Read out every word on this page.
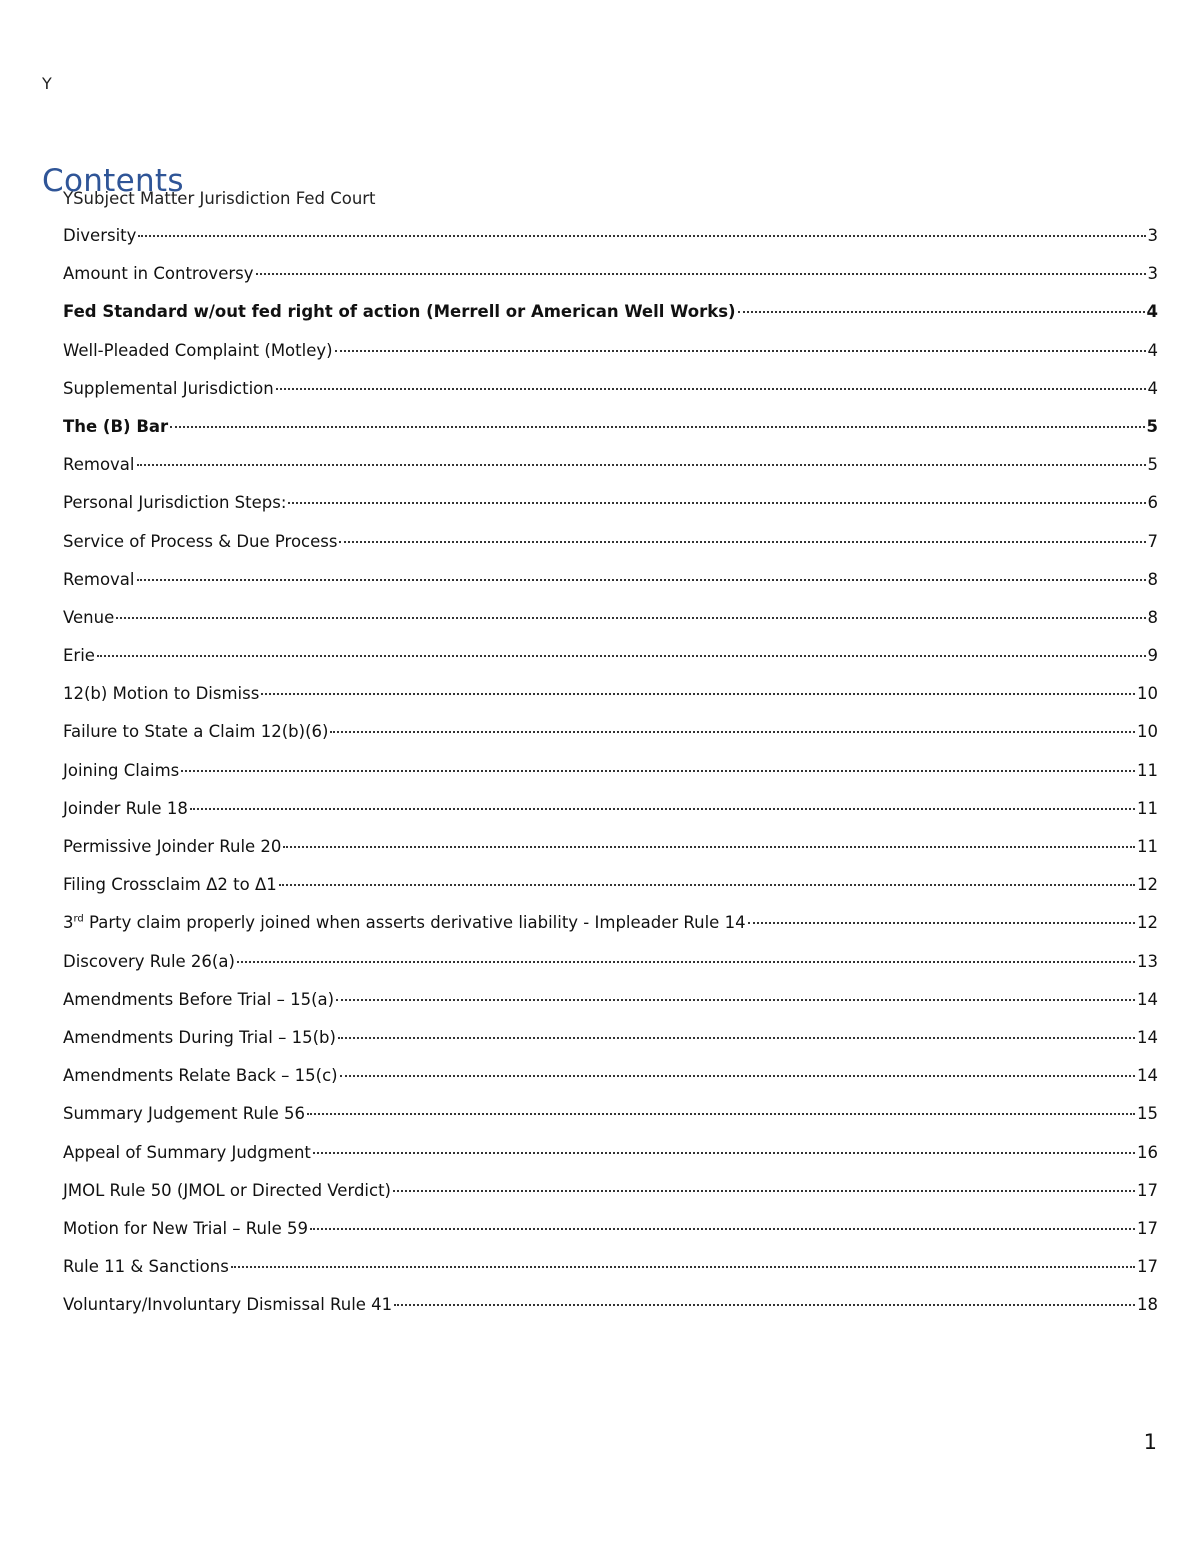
Y
Contents
YSubject Matter Jurisdiction Fed Court
Diversity	3
Amount in Controversy	3
Fed Standard w/out fed right of action (Merrell or American Well Works)	4
Well-Pleaded Complaint (Motley)	4
Supplemental Jurisdiction	4
The (B) Bar	5
Removal	5
Personal Jurisdiction Steps:	6
Service of Process & Due Process	7
Removal	8
Venue	8
Erie	9
12(b) Motion to Dismiss	10
Failure to State a Claim 12(b)(6)	10
Joining Claims	11
Joinder Rule 18	11
Permissive Joinder Rule 20	11
Filing Crossclaim Δ2 to Δ1	12
3rd Party claim properly joined when asserts derivative liability - Impleader Rule 14	12
Discovery Rule 26(a)	13
Amendments Before Trial – 15(a)	14
Amendments During Trial – 15(b)	14
Amendments Relate Back – 15(c)	14
Summary Judgement Rule 56	15
Appeal of Summary Judgment	16
JMOL Rule 50 (JMOL or Directed Verdict)	17
Motion for New Trial – Rule 59	17
Rule 11 & Sanctions	17
Voluntary/Involuntary Dismissal Rule 41	18
1
